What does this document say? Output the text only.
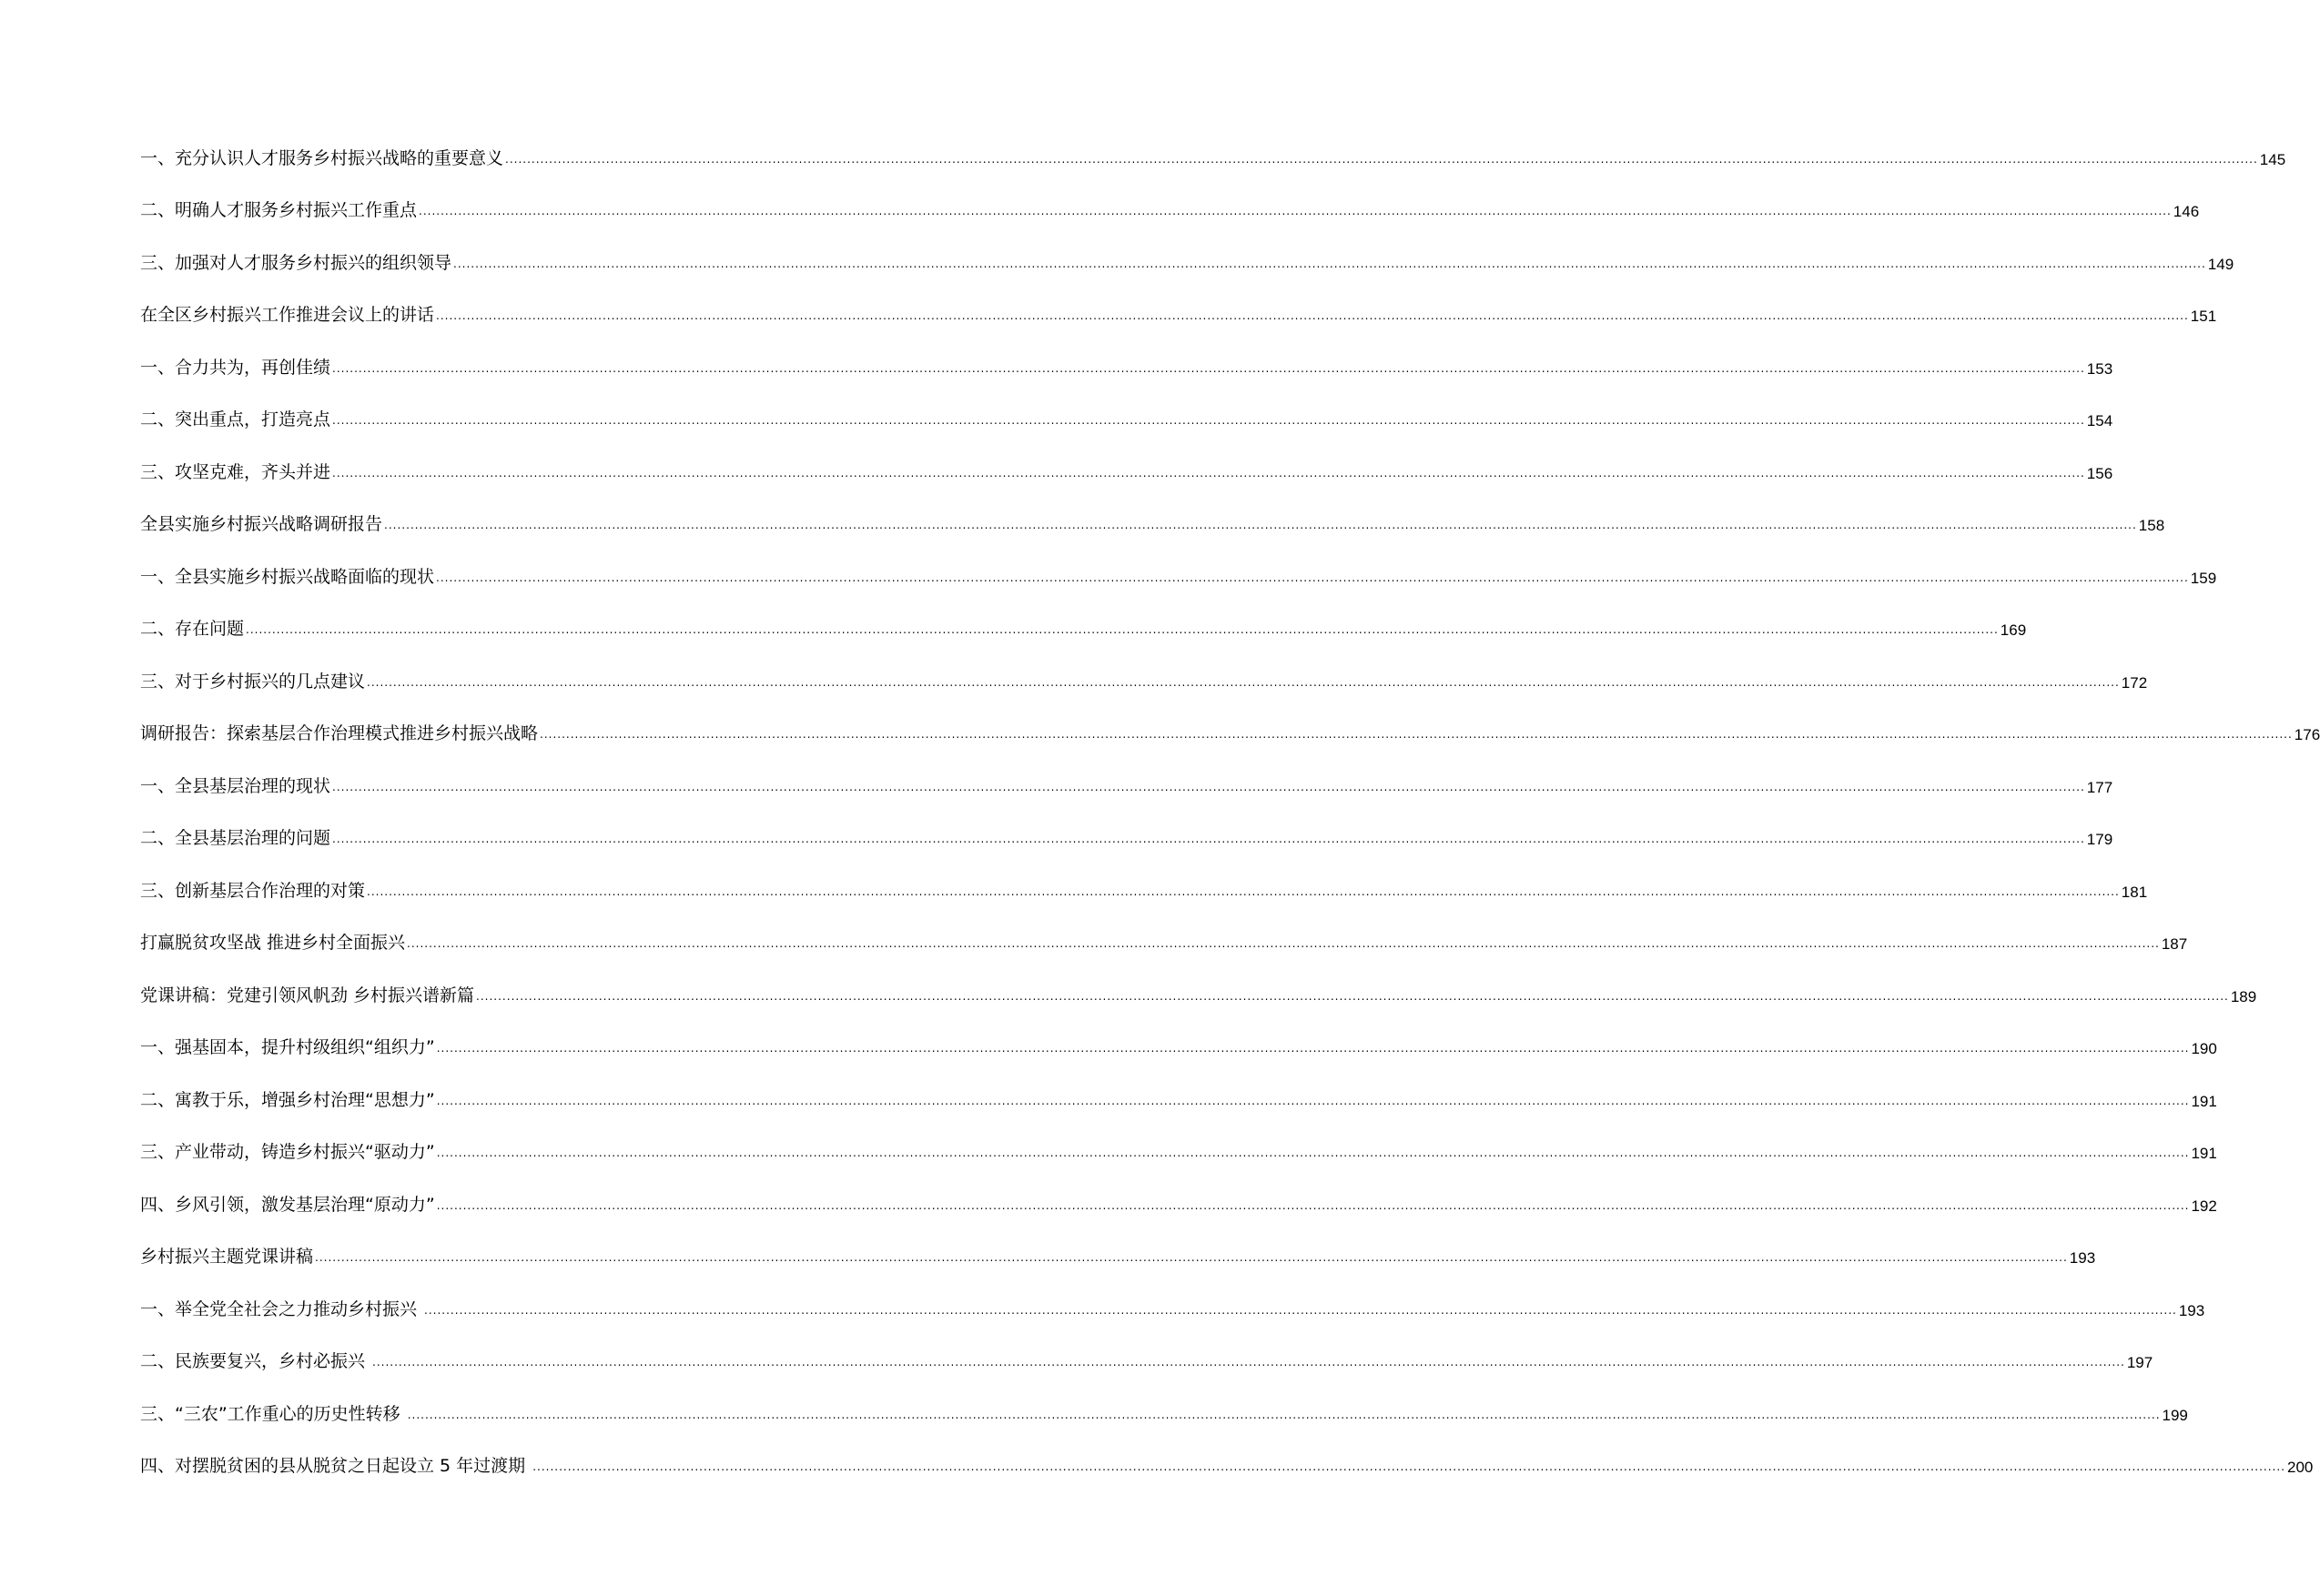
一、充分认识人才服务乡村振兴战略的重要意义 ................................................................................................................................................................................................................................................................................................................................................................................................................ 145
二、明确人才服务乡村振兴工作重点 ................................................................................................................................................................................................................................................................................................................................................................................................................ 146
三、加强对人才服务乡村振兴的组织领导 ................................................................................................................................................................................................................................................................................................................................................................................................................ 149
在全区乡村振兴工作推进会议上的讲话 ................................................................................................................................................................................................................................................................................................................................................................................................................ 151
一、合力共为，再创佳绩 ................................................................................................................................................................................................................................................................................................................................................................................................................ 153
二、突出重点，打造亮点 ................................................................................................................................................................................................................................................................................................................................................................................................................ 154
三、攻坚克难，齐头并进 ................................................................................................................................................................................................................................................................................................................................................................................................................ 156
全县实施乡村振兴战略调研报告 ................................................................................................................................................................................................................................................................................................................................................................................................................ 158
一、全县实施乡村振兴战略面临的现状 ................................................................................................................................................................................................................................................................................................................................................................................................................ 159
二、存在问题 ................................................................................................................................................................................................................................................................................................................................................................................................................ 169
三、对于乡村振兴的几点建议 ................................................................................................................................................................................................................................................................................................................................................................................................................ 172
调研报告：探索基层合作治理模式推进乡村振兴战略 ................................................................................................................................................................................................................................................................................................................................................................................................................ 176
一、全县基层治理的现状 ................................................................................................................................................................................................................................................................................................................................................................................................................ 177
二、全县基层治理的问题 ................................................................................................................................................................................................................................................................................................................................................................................................................ 179
三、创新基层合作治理的对策 ................................................................................................................................................................................................................................................................................................................................................................................................................ 181
打赢脱贫攻坚战 推进乡村全面振兴 ................................................................................................................................................................................................................................................................................................................................................................................................................ 187
党课讲稿：党建引领风帆劲 乡村振兴谱新篇 ................................................................................................................................................................................................................................................................................................................................................................................................................ 189
一、强基固本，提升村级组织“组织力” ................................................................................................................................................................................................................................................................................................................................................................................................................ 190
二、寓教于乐，增强乡村治理“思想力” ................................................................................................................................................................................................................................................................................................................................................................................................................ 191
三、产业带动，铸造乡村振兴“驱动力” ................................................................................................................................................................................................................................................................................................................................................................................................................ 191
四、乡风引领，激发基层治理“原动力” ................................................................................................................................................................................................................................................................................................................................................................................................................ 192
乡村振兴主题党课讲稿 ................................................................................................................................................................................................................................................................................................................................................................................................................ 193
一、举全党全社会之力推动乡村振兴 ................................................................................................................................................................................................................................................................................................................................................................................................................ 193
二、民族要复兴，乡村必振兴 ................................................................................................................................................................................................................................................................................................................................................................................................................ 197
三、“三农”工作重心的历史性转移 ................................................................................................................................................................................................................................................................................................................................................................................................................ 199
四、对摆脱贫困的县从脱贫之日起设立 5 年过渡期 ................................................................................................................................................................................................................................................................................................................................................................................................................ 200
